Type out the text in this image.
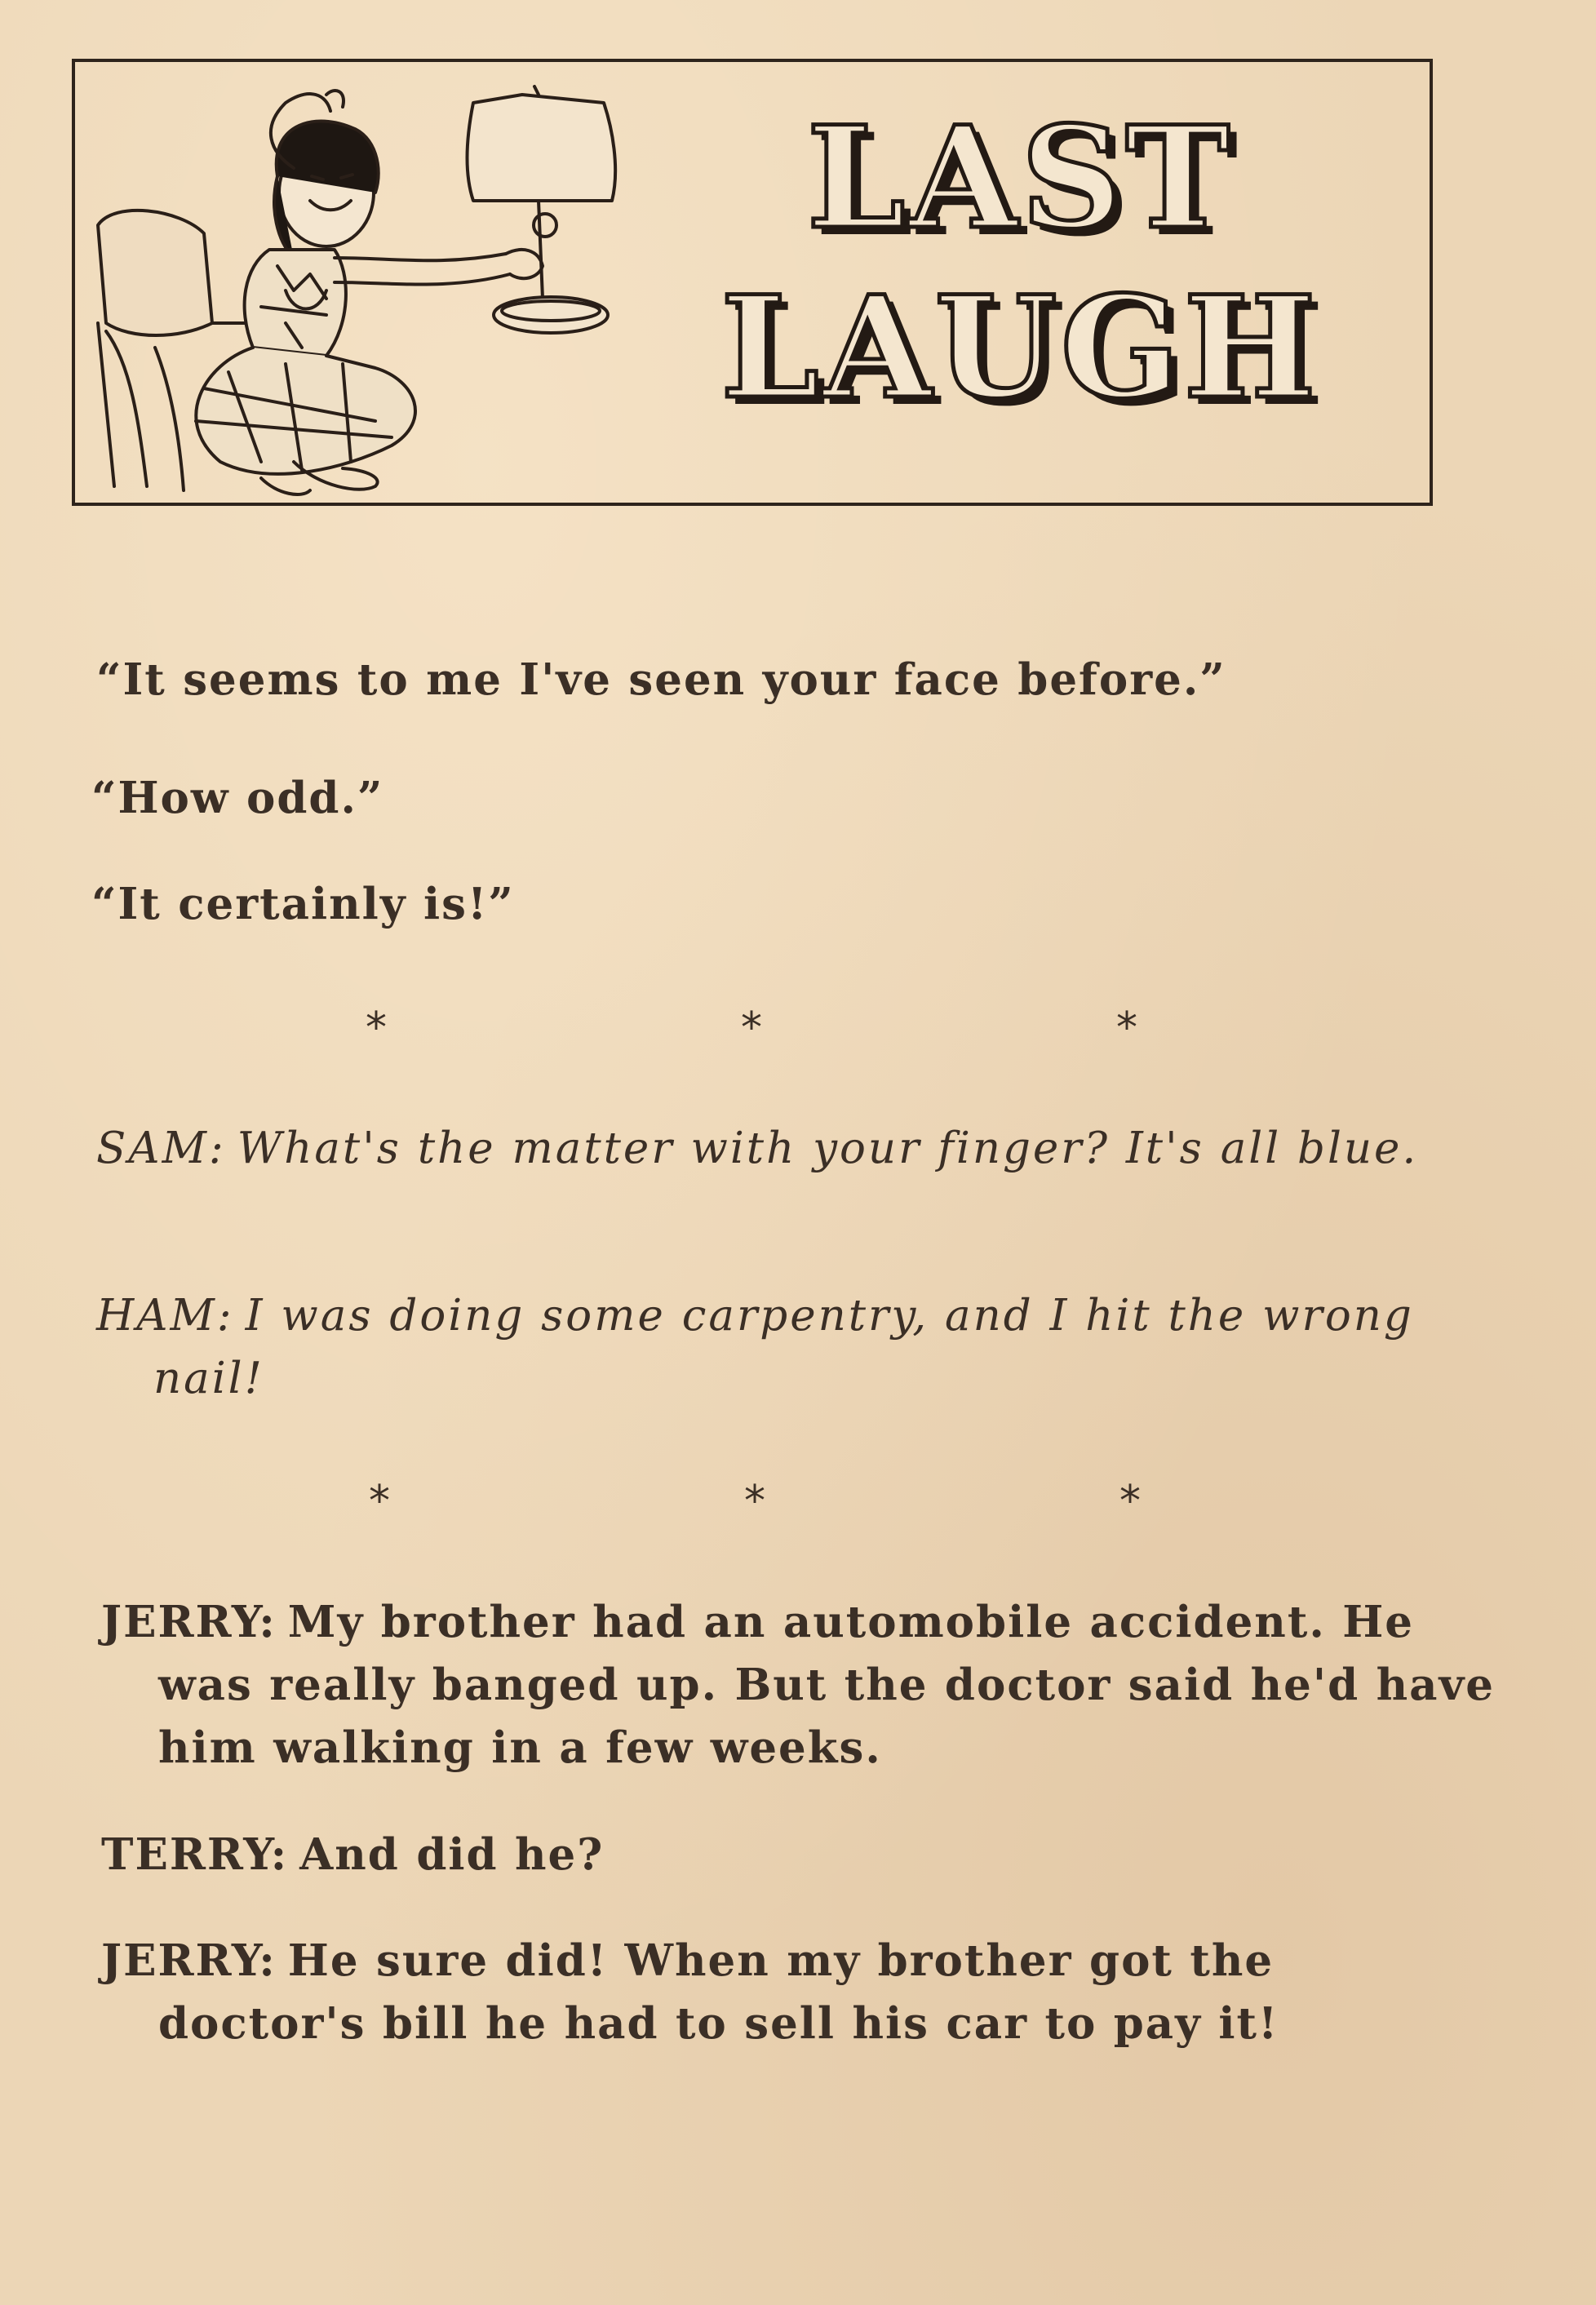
LAST
LAUGH
“It seems to me I've seen your face before.”
“How odd.”
“It certainly is!”
*	*	*
SAM: What's the matter with your finger? It's all blue.
HAM: I was doing some carpentry, and I hit the wrong nail!
*	*	*
JERRY: My brother had an automobile accident. He was really banged up. But the doctor said he'd have him walking in a few weeks.
TERRY: And did he?
JERRY: He sure did! When my brother got the doctor's bill he had to sell his car to pay it!
